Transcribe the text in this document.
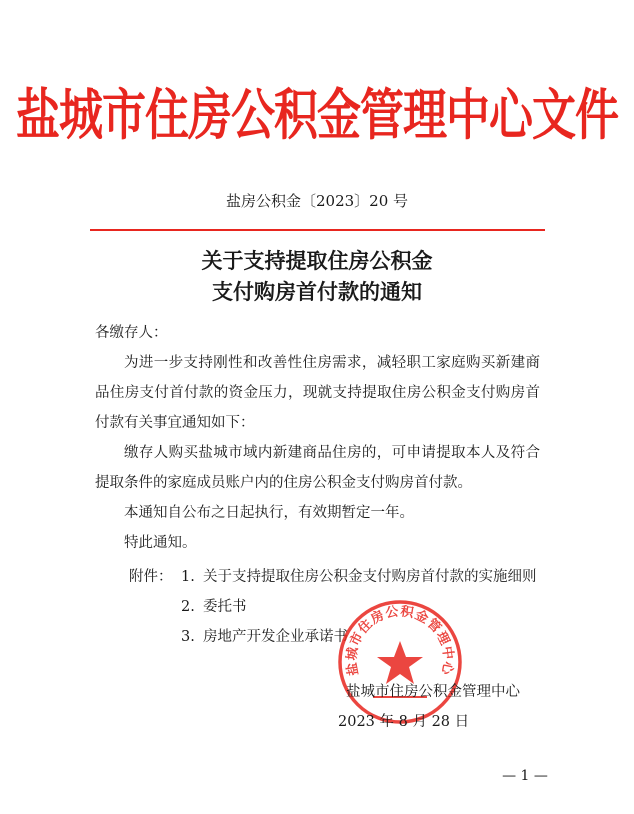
盐城市住房公积金管理中心文件
盐房公积金〔2023〕20 号
关于支持提取住房公积金
支付购房首付款的通知

各缴存人：

为进一步支持刚性和改善性住房需求，减轻职工家庭购买新建商品住房支付首付款的资金压力，现就支持提取住房公积金支付购房首付款有关事宜通知如下：

缴存人购买盐城市域内新建商品住房的，可申请提取本人及符合提取条件的家庭成员账户内的住房公积金支付购房首付款。

本通知自公布之日起执行，有效期暂定一年。

特此通知。

附件： 1. 关于支持提取住房公积金支付购房首付款的实施细则
2. 委托书
3. 房地产开发企业承诺书
盐城市住房公积金管理中心
盐城市住房公积金管理中心
2023 年 8 月 28 日
— 1 —
